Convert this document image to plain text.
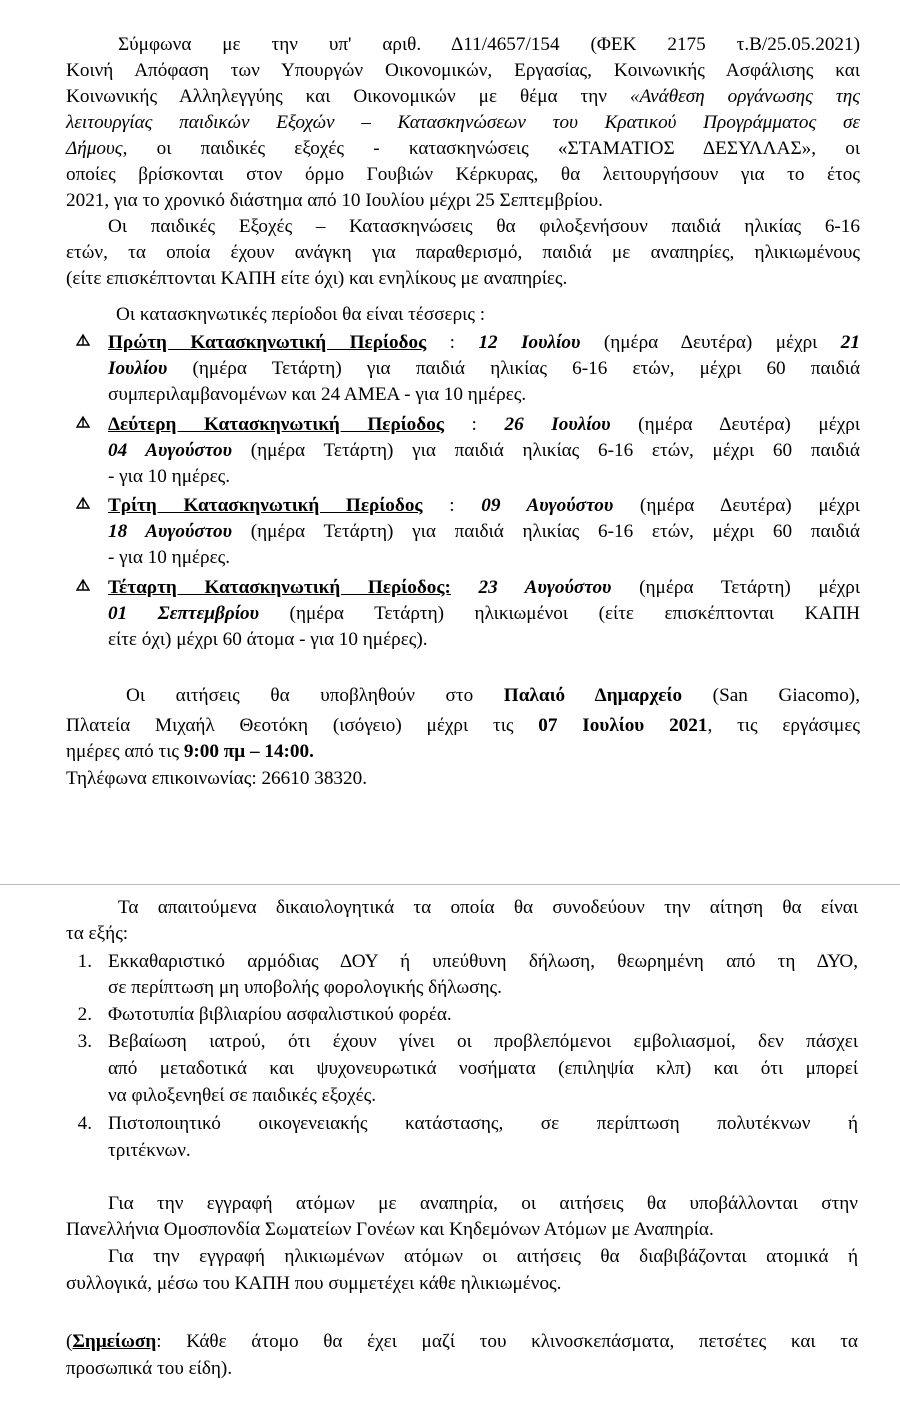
Σύμφωνα με την υπ' αριθ. Δ11/4657/154 (ΦΕΚ 2175 τ.Β/25.05.2021)
Κοινή Απόφαση των Υπουργών Οικονομικών, Εργασίας, Κοινωνικής Ασφάλισης και
Κοινωνικής Αλληλεγγύης και Οικονομικών με θέμα την «Ανάθεση οργάνωσης της
λειτουργίας παιδικών Εξοχών – Κατασκηνώσεων του Κρατικού Προγράμματος σε
Δήμους, οι παιδικές εξοχές - κατασκηνώσεις «ΣΤΑΜΑΤΙΟΣ ΔΕΣΥΛΛΑΣ», οι
οποίες βρίσκονται στον όρμο Γουβιών Κέρκυρας, θα λειτουργήσουν για το έτος
2021, για το χρονικό διάστημα από 10 Ιουλίου μέχρι 25 Σεπτεμβρίου.
Οι παιδικές Εξοχές – Κατασκηνώσεις θα φιλοξενήσουν παιδιά ηλικίας 6-16
ετών, τα οποία έχουν ανάγκη για παραθερισμό, παιδιά με αναπηρίες, ηλικιωμένους
(είτε επισκέπτονται ΚΑΠΗ είτε όχι) και ενηλίκους με αναπηρίες.
Οι κατασκηνωτικές περίοδοι θα είναι τέσσερις :
Πρώτη Κατασκηνωτική Περίοδος : 12 Ιουλίου (ημέρα Δευτέρα) μέχρι 21
Ιουλίου (ημέρα Τετάρτη) για παιδιά ηλικίας 6-16 ετών, μέχρι 60 παιδιά
συμπεριλαμβανομένων και 24 ΑΜΕΑ - για 10 ημέρες.
Δεύτερη Κατασκηνωτική Περίοδος : 26 Ιουλίου (ημέρα Δευτέρα) μέχρι
04 Αυγούστου (ημέρα Τετάρτη) για παιδιά ηλικίας 6-16 ετών, μέχρι 60 παιδιά
- για 10 ημέρες.
Τρίτη Κατασκηνωτική Περίοδος : 09 Αυγούστου (ημέρα Δευτέρα) μέχρι
18 Αυγούστου (ημέρα Τετάρτη) για παιδιά ηλικίας 6-16 ετών, μέχρι 60 παιδιά
- για 10 ημέρες.
Τέταρτη Κατασκηνωτική Περίοδος: 23 Αυγούστου (ημέρα Τετάρτη) μέχρι
01 Σεπτεμβρίου (ημέρα Τετάρτη) ηλικιωμένοι (είτε επισκέπτονται ΚΑΠΗ
είτε όχι) μέχρι 60 άτομα - για 10 ημέρες).
Οι αιτήσεις θα υποβληθούν στο Παλαιό Δημαρχείο (San Giacomo),
Πλατεία Μιχαήλ Θεοτόκη (ισόγειο) μέχρι τις 07 Ιουλίου 2021, τις εργάσιμες
ημέρες από τις 9:00 πμ – 14:00.
Τηλέφωνα επικοινωνίας: 26610 38320.
Τα απαιτούμενα δικαιολογητικά τα οποία θα συνοδεύουν την αίτηση θα είναι
τα εξής:
1. Εκκαθαριστικό αρμόδιας ΔΟΥ ή υπεύθυνη δήλωση, θεωρημένη από τη ΔΥΟ,
σε περίπτωση μη υποβολής φορολογικής δήλωσης.
2. Φωτοτυπία βιβλιαρίου ασφαλιστικού φορέα.
3. Βεβαίωση ιατρού, ότι έχουν γίνει οι προβλεπόμενοι εμβολιασμοί, δεν πάσχει
από μεταδοτικά και ψυχονευρωτικά νοσήματα (επιληψία κλπ) και ότι μπορεί
να φιλοξενηθεί σε παιδικές εξοχές.
4. Πιστοποιητικό οικογενειακής κατάστασης, σε περίπτωση πολυτέκνων ή
τριτέκνων.
Για την εγγραφή ατόμων με αναπηρία, οι αιτήσεις θα υποβάλλονται στην
Πανελλήνια Ομοσπονδία Σωματείων Γονέων και Κηδεμόνων Ατόμων με Αναπηρία.
Για την εγγραφή ηλικιωμένων ατόμων οι αιτήσεις θα διαβιβάζονται ατομικά ή
συλλογικά, μέσω του ΚΑΠΗ που συμμετέχει κάθε ηλικιωμένος.
(Σημείωση: Κάθε άτομο θα έχει μαζί του κλινοσκεπάσματα, πετσέτες και τα
προσωπικά του είδη).
